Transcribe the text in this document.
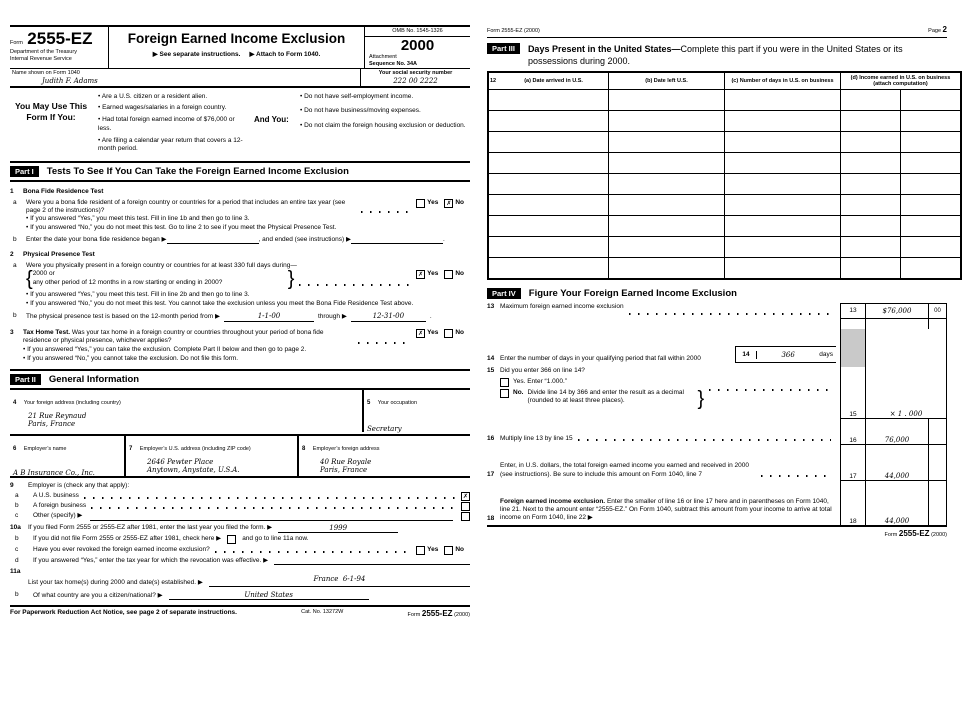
Form 2555-EZ
Department of the Treasury
Internal Revenue Service
Foreign Earned Income Exclusion
▶ See separate instructions. ▶ Attach to Form 1040.
OMB No. 1545-1326
2000
Attachment
Sequence No. 34A
Name shown on Form 1040
Judith F. Adams
Your social security number
222 00 2222
You May Use This Form If You:
• Are a U.S. citizen or a resident alien.
• Earned wages/salaries in a foreign country.
• Had total foreign earned income of $76,000 or less.
• Are filing a calendar year return that covers a 12-month period.
And You:
• Do not have self-employment income.
• Do not have business/moving expenses.
• Do not claim the foreign housing exclusion or deduction.
Part I	Tests To See If You Can Take the Foreign Earned Income Exclusion
1	Bona Fide Residence Test
a	Were you a bona fide resident of a foreign country or countries for a period that includes an entire tax year (see page 2 of the instructions)?
Yes	✗ No
• If you answered “Yes,” you meet this test. Fill in line 1b and then go to line 3.
• If you answered “No,” you do not meet this test. Go to line 2 to see if you meet the Physical Presence Test.
b	Enter the date your bona fide residence began ▶	, and ended (see instructions) ▶	.
2	Physical Presence Test
a	Were you physically present in a foreign country or countries for at least 330 full days during—
{ 2000 or
any other period of 12 months in a row starting or ending in 2000?	}	✗ Yes	No
• If you answered “Yes,” you meet this test. Fill in line 2b and then go to line 3.
• If you answered “No,” you do not meet this test. You cannot take the exclusion unless you meet the Bona Fide Residence Test above.
b	The physical presence test is based on the 12-month period from ▶	1-1-00	through ▶	12-31-00	.
3	Tax Home Test. Was your tax home in a foreign country or countries throughout your period of bona fide residence or physical presence, whichever applies?
✗ Yes	No
• If you answered “Yes,” you can take the exclusion. Complete Part II below and then go to page 2.
• If you answered “No,” you cannot take the exclusion. Do not file this form.
Part II	General Information
4 Your foreign address (including country)
21 Rue Reynaud
Paris, France
5 Your occupation
Secretary
6 Employer’s name
A B Insurance Co., Inc.
7 Employer’s U.S. address (including ZIP code)
2646 Pewter Place
Anytown, Anystate, U.S.A.
8 Employer’s foreign address
40 Rue Royale
Paris, France
9	Employer is (check any that apply):
a	A U.S. business	✗
b	A foreign business
c	Other (specify) ▶
10a	If you filed Form 2555 or 2555-EZ after 1981, enter the last year you filed the form. ▶	1999
b	If you did not file Form 2555 or 2555-EZ after 1981, check here ▶	and go to line 11a now.
c	Have you ever revoked the foreign earned income exclusion?	Yes	No
d	If you answered “Yes,” enter the tax year for which the revocation was effective. ▶
11a
List your tax home(s) during 2000 and date(s) established. ▶	France 6-1-94
b	Of what country are you a citizen/national? ▶	United States
For Paperwork Reduction Act Notice, see page 2 of separate instructions.	Cat. No. 13272W	Form 2555-EZ (2000)
Form 2555-EZ (2000)	Page 2
Part III	Days Present in the United States—Complete this part if you were in the United States or its possessions during 2000.
12 (a) Date arrived in U.S.	(b) Date left U.S.	(c) Number of days in U.S. on business	(d) Income earned in U.S. on business (attach computation)	

Part IV	Figure Your Foreign Earned Income Exclusion
13 Maximum foreign earned income exclusion
13	$76,000	00
14 Enter the number of days in your qualifying period that fall within 2000
14	366	days
15 Did you enter 366 on line 14?
Yes. Enter “1.000.”
No. Divide line 14 by 366 and enter the result as a decimal (rounded to at least three places).	}
15	× 1 . 000
16 Multiply line 13 by line 15	16	76,000
17
Enter, in U.S. dollars, the total foreign earned income you earned and received in 2000 (see instructions). Be sure to include this amount on Form 1040, line 7	17	44,000
18
Foreign earned income exclusion. Enter the smaller of line 16 or line 17 here and in parentheses on Form 1040, line 21. Next to the amount enter “2555-EZ.” On Form 1040, subtract this amount from your income to arrive at total income on Form 1040, line 22 ▶	18	44,000
Form 2555-EZ (2000)
